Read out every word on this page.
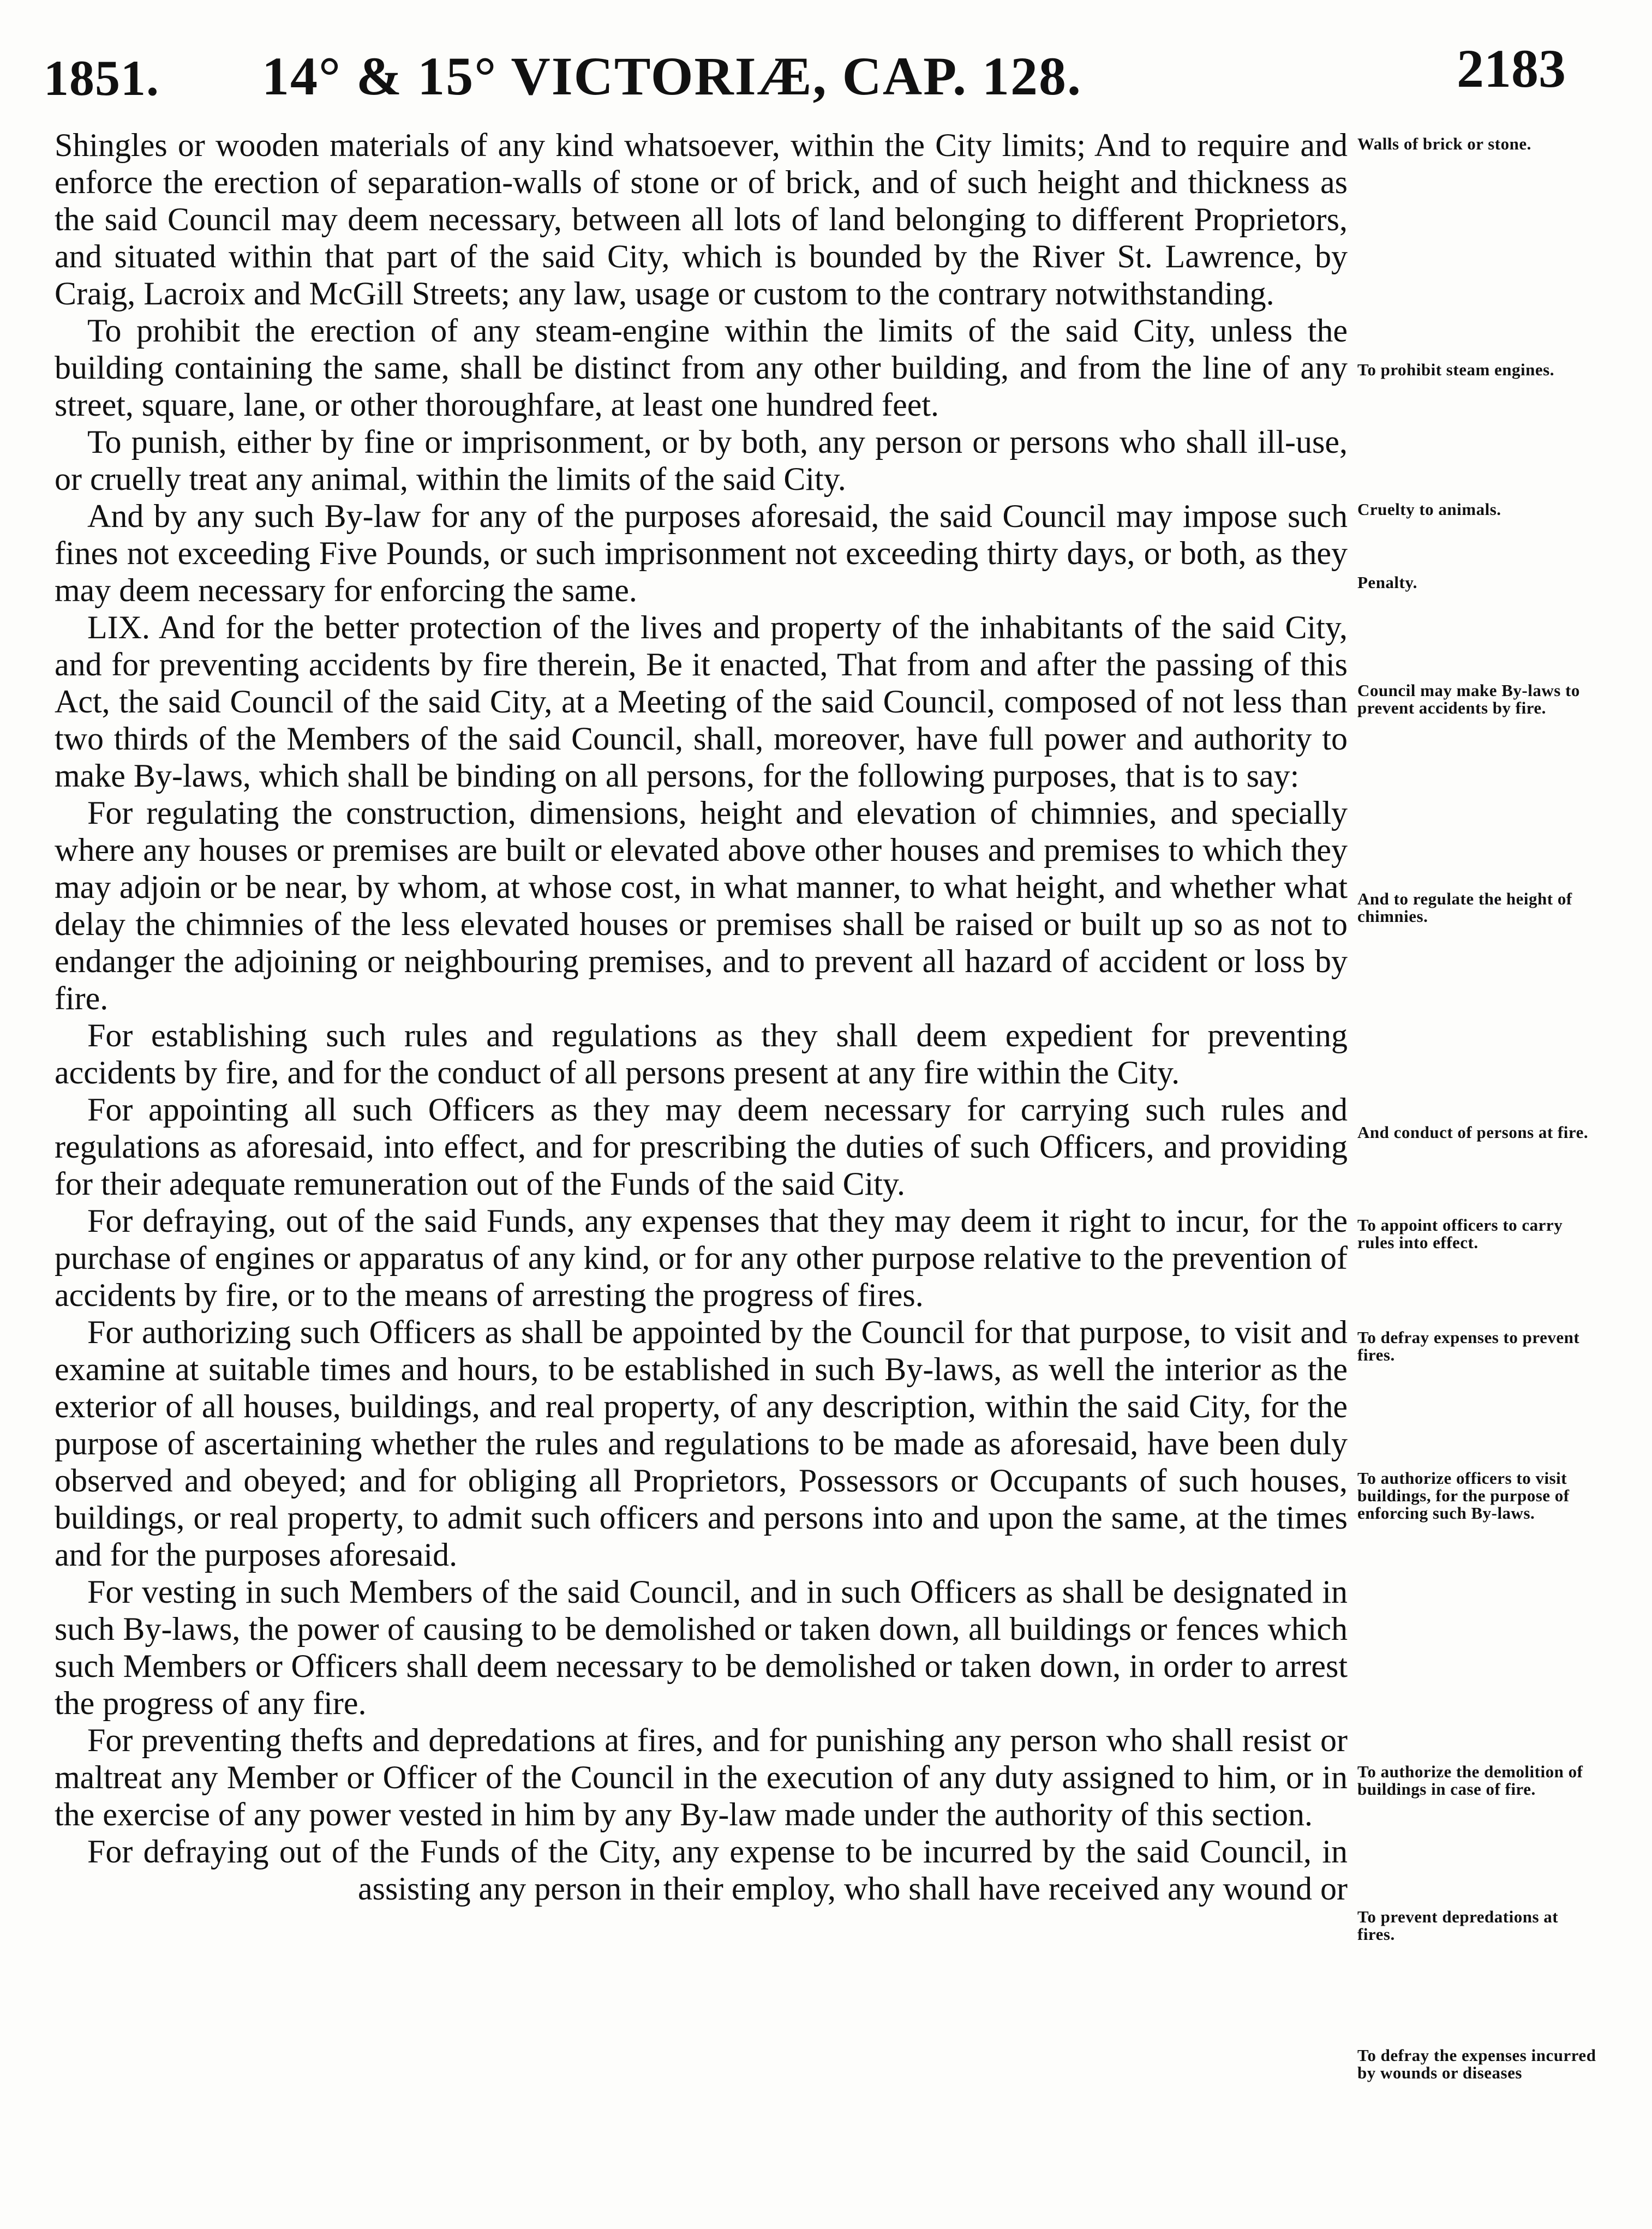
1851. 14° & 15° VICTORIÆ, CAP. 128.	2183

Shingles or wooden materials of any kind whatsoever, within the City limits; And to require and enforce the erection of separation-walls of stone or of brick, and of such height and thickness as the said Council may deem necessary, between all lots of land belonging to different Proprietors, and situated within that part of the said City, which is bounded by the River St. Lawrence, by Craig, Lacroix and McGill Streets; any law, usage or custom to the contrary notwithstanding.

To prohibit the erection of any steam-engine within the limits of the said City, unless the building containing the same, shall be distinct from any other building, and from the line of any street, square, lane, or other thoroughfare, at least one hundred feet.

To punish, either by fine or imprisonment, or by both, any person or persons who shall ill-use, or cruelly treat any animal, within the limits of the said City.

And by any such By-law for any of the purposes aforesaid, the said Council may impose such fines not exceeding Five Pounds, or such imprisonment not exceeding thirty days, or both, as they may deem necessary for enforcing the same.

LIX. And for the better protection of the lives and property of the inhabitants of the said City, and for preventing accidents by fire therein, Be it enacted, That from and after the passing of this Act, the said Council of the said City, at a Meeting of the said Council, composed of not less than two thirds of the Members of the said Council, shall, moreover, have full power and authority to make By-laws, which shall be binding on all persons, for the following purposes, that is to say:

For regulating the construction, dimensions, height and elevation of chimnies, and specially where any houses or premises are built or elevated above other houses and premises to which they may adjoin or be near, by whom, at whose cost, in what manner, to what height, and whether what delay the chimnies of the less elevated houses or premises shall be raised or built up so as not to endanger the adjoining or neighbouring premises, and to prevent all hazard of accident or loss by fire.

For establishing such rules and regulations as they shall deem expedient for preventing accidents by fire, and for the conduct of all persons present at any fire within the City.

For appointing all such Officers as they may deem necessary for carrying such rules and regulations as aforesaid, into effect, and for prescribing the duties of such Officers, and providing for their adequate remuneration out of the Funds of the said City.

For defraying, out of the said Funds, any expenses that they may deem it right to incur, for the purchase of engines or apparatus of any kind, or for any other purpose relative to the prevention of accidents by fire, or to the means of arresting the progress of fires.

For authorizing such Officers as shall be appointed by the Council for that purpose, to visit and examine at suitable times and hours, to be established in such By-laws, as well the interior as the exterior of all houses, buildings, and real property, of any description, within the said City, for the purpose of ascertaining whether the rules and regulations to be made as aforesaid, have been duly observed and obeyed; and for obliging all Proprietors, Possessors or Occupants of such houses, buildings, or real property, to admit such officers and persons into and upon the same, at the times and for the purposes aforesaid.

For vesting in such Members of the said Council, and in such Officers as shall be designated in such By-laws, the power of causing to be demolished or taken down, all buildings or fences which such Members or Officers shall deem necessary to be demolished or taken down, in order to arrest the progress of any fire.

For preventing thefts and depredations at fires, and for punishing any person who shall resist or maltreat any Member or Officer of the Council in the execution of any duty assigned to him, or in the exercise of any power vested in him by any By-law made under the authority of this section.

For defraying out of the Funds of the City, any expense to be incurred by the said Council, in assisting any person in their employ, who shall have received any wound or

Walls of brick or stone.
To prohibit steam engines.
Cruelty to animals.
Penalty.
Council may make By-laws to prevent accidents by fire.
And to regulate the height of chimnies.
And conduct of persons at fire.
To appoint officers to carry rules into effect.
To defray expenses to prevent fires.
To authorize officers to visit buildings, for the purpose of enforcing such By-laws.
To authorize the demolition of buildings in case of fire.
To prevent depredations at fires.
To defray the expenses incurred by wounds or diseases
